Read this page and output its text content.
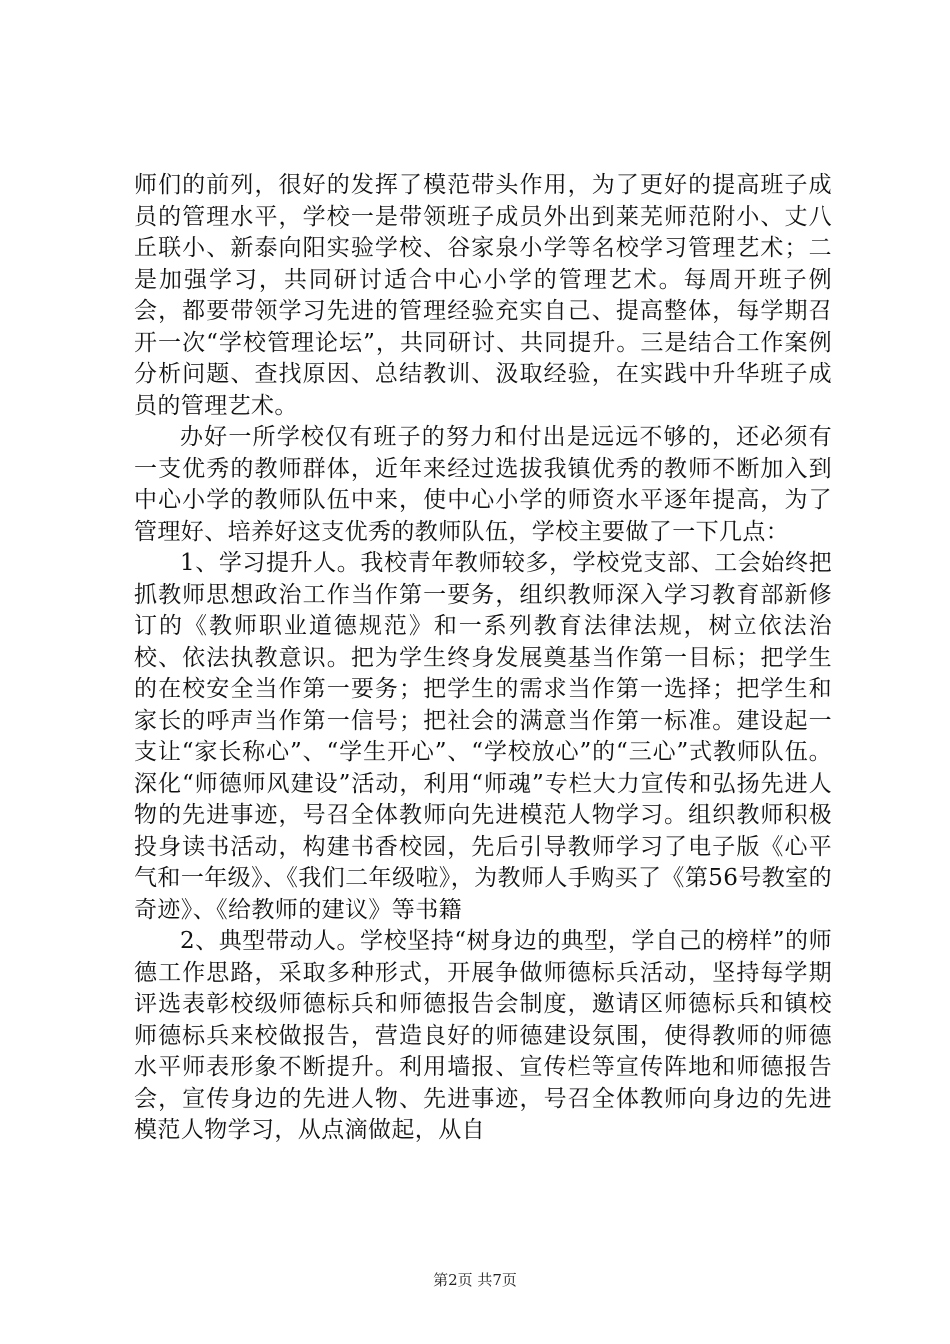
师们的前列，很好的发挥了模范带头作用，为了更好的提高班子成员的管理水平，学校一是带领班子成员外出到莱芜师范附小、丈八丘联小、新泰向阳实验学校、谷家泉小学等名校学习管理艺术；二是加强学习，共同研讨适合中心小学的管理艺术。每周开班子例会，都要带领学习先进的管理经验充实自己、提高整体，每学期召开一次“学校管理论坛”，共同研讨、共同提升。三是结合工作案例分析问题、查找原因、总结教训、汲取经验，在实践中升华班子成员的管理艺术。

办好一所学校仅有班子的努力和付出是远远不够的，还必须有一支优秀的教师群体，近年来经过选拔我镇优秀的教师不断加入到中心小学的教师队伍中来，使中心小学的师资水平逐年提高，为了管理好、培养好这支优秀的教师队伍，学校主要做了一下几点：

1、学习提升人。我校青年教师较多，学校党支部、工会始终把抓教师思想政治工作当作第一要务，组织教师深入学习教育部新修订的《教师职业道德规范》和一系列教育法律法规，树立依法治校、依法执教意识。把为学生终身发展奠基当作第一目标；把学生的在校安全当作第一要务；把学生的需求当作第一选择；把学生和家长的呼声当作第一信号；把社会的满意当作第一标准。建设起一支让“家长称心”、“学生开心”、“学校放心”的“三心”式教师队伍。深化“师德师风建设”活动，利用“师魂”专栏大力宣传和弘扬先进人物的先进事迹，号召全体教师向先进模范人物学习。组织教师积极投身读书活动，构建书香校园，先后引导教师学习了电子版《心平气和一年级》、《我们二年级啦》，为教师人手购买了《第56号教室的奇迹》、《给教师的建议》等书籍

2、典型带动人。学校坚持“树身边的典型，学自己的榜样”的师德工作思路，采取多种形式，开展争做师德标兵活动，坚持每学期评选表彰校级师德标兵和师德报告会制度，邀请区师德标兵和镇校师德标兵来校做报告，营造良好的师德建设氛围，使得教师的师德水平师表形象不断提升。利用墙报、宣传栏等宣传阵地和师德报告会，宣传身边的先进人物、先进事迹，号召全体教师向身边的先进模范人物学习，从点滴做起，从自

第2页 共7页
